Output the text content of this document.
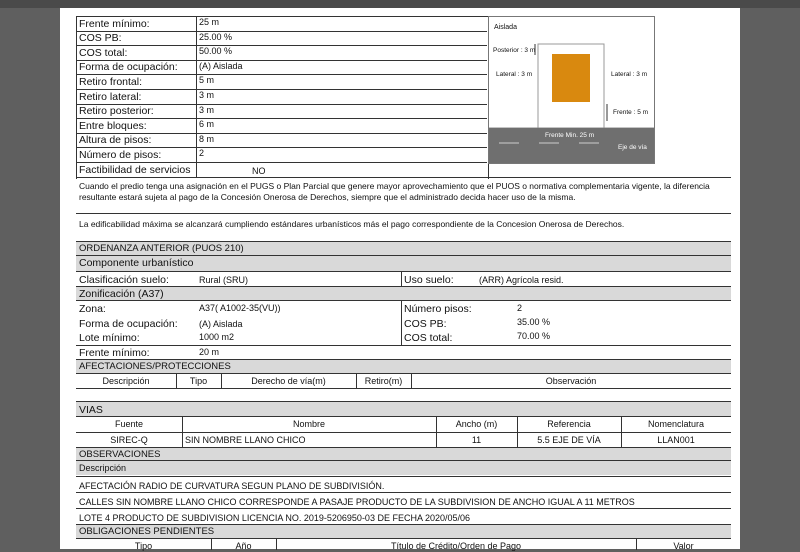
Frente mínimo:	25 m
COS PB:	25.00 %
COS total:	50.00 %
Forma de ocupación: (A) Aislada
Retiro frontal:	5 m
Retiro lateral:	3 m
Retiro posterior:	3 m
Entre bloques:	6 m
Altura de pisos:	8 m
Número de pisos:	2
Factibilidad de servicios	NO
Aislada
Posterior : 3 m
Lateral : 3 m	Lateral : 3 m
Frente : 5 m
Frente Min. 25 m
Eje de vía
Cuando el predio tenga una asignación en el PUGS o Plan Parcial que genere mayor aprovechamiento que el PUOS o normativa complementaria vigente, la diferencia resultante estará sujeta al pago de la Concesión Onerosa de Derechos, siempre que el administrado decida hacer uso de la misma.
La edificabilidad máxima se alcanzará cumpliendo estándares urbanísticos más el pago correspondiente de la Concesion Onerosa de Derechos.
ORDENANZA ANTERIOR (PUOS 210)
Componente urbanístico
Clasificación suelo:	Rural (SRU)	Uso suelo:	(ARR) Agrícola resid.
Zonificación (A37)
Zona:	A37( A1002-35(VU))	Número pisos:	2
Forma de ocupación: (A) Aislada	COS PB:	35.00 %
Lote mínimo:	1000 m2	COS total:	70.00 %
Frente mínimo:	20 m
AFECTACIONES/PROTECCIONES
Descripción	Tipo	Derecho de vía(m)	Retiro(m)	Observación
VIAS
Fuente	Nombre	Ancho (m)	Referencia	Nomenclatura
SIREC-Q	SIN NOMBRE LLANO CHICO	11	5.5 EJE DE VÍA	LLAN001
OBSERVACIONES
Descripción
AFECTACIÓN RADIO DE CURVATURA SEGUN PLANO DE SUBDIVISIÓN.
CALLES SIN NOMBRE LLANO CHICO CORRESPONDE A PASAJE PRODUCTO DE LA SUBDIVISION DE ANCHO IGUAL A 11 METROS
LOTE 4 PRODUCTO DE SUBDIVISION LICENCIA NO. 2019-5206950-03 DE FECHA 2020/05/06
OBLIGACIONES PENDIENTES
Tipo	Año	Título de Crédito/Orden de Pago	Valor
